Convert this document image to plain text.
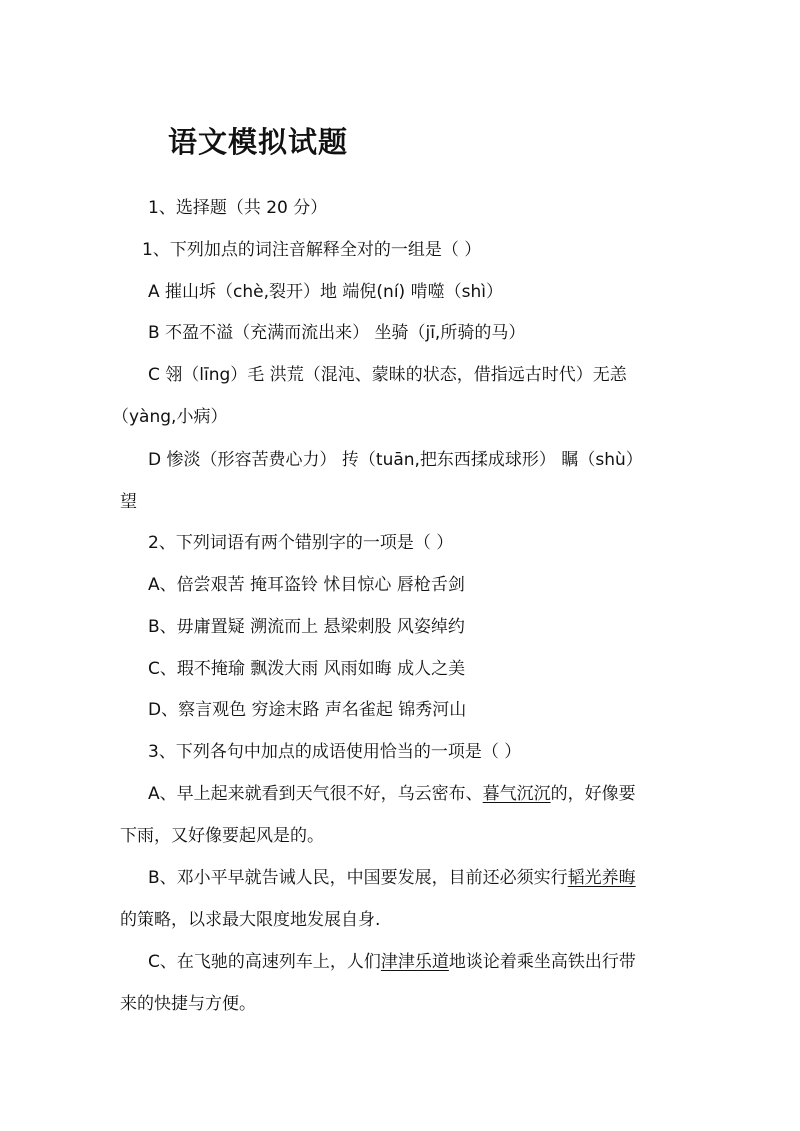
语文模拟试题
1、选择题（共 20 分）
1、下列加点的词注音解释全对的一组是（ ）
A 摧山坼（chè,裂开）地 端倪(ní) 啃噬（shì）
B 不盈不溢（充满而流出来） 坐骑（jī,所骑的马）
C 翎（līng）毛 洪荒（混沌、蒙昧的状态，借指远古时代）无恙
（yàng,小病）
D 惨淡（形容苦费心力） 抟（tuān,把东西揉成球形） 瞩（shù）
望
2、下列词语有两个错别字的一项是（ ）
A、倍尝艰苦 掩耳盗铃 怵目惊心 唇枪舌剑
B、毋庸置疑 溯流而上 悬梁刺股 风姿绰约
C、瑕不掩瑜 飘泼大雨 风雨如晦 成人之美
D、察言观色 穷途末路 声名雀起 锦秀河山
3、下列各句中加点的成语使用恰当的一项是（ ）
A、早上起来就看到天气很不好，乌云密布、暮气沉沉的，好像要
下雨，又好像要起风是的。
B、邓小平早就告诫人民，中国要发展，目前还必须实行韬光养晦
的策略，以求最大限度地发展自身.
C、在飞驰的高速列车上，人们津津乐道地谈论着乘坐高铁出行带
来的快捷与方便。
